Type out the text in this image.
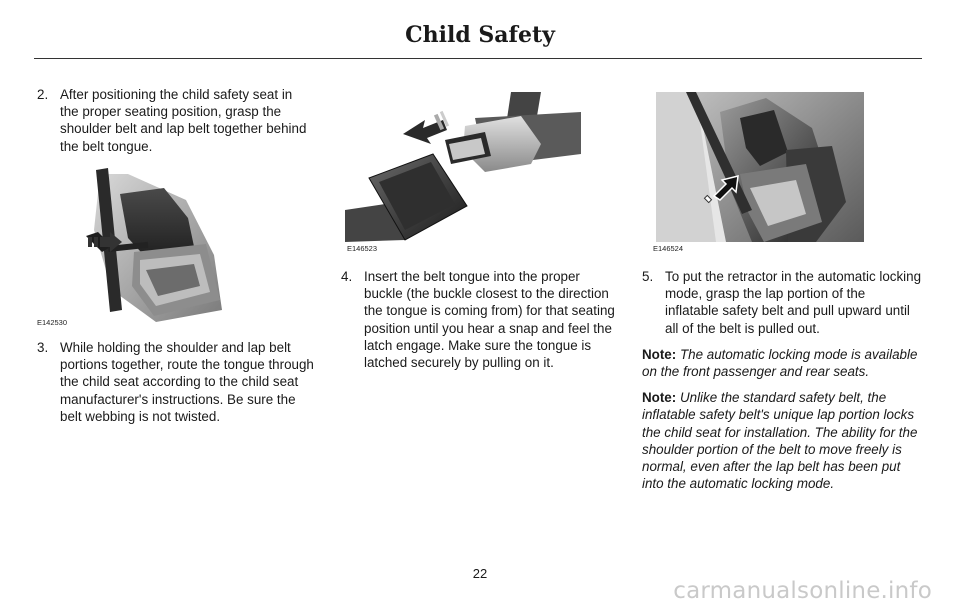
Child Safety
2. After positioning the child safety seat in the proper seating position, grasp the shoulder belt and lap belt together behind the belt tongue.
E142530
3. While holding the shoulder and lap belt portions together, route the tongue through the child seat according to the child seat manufacturer's instructions. Be sure the belt webbing is not twisted.
E146523
4. Insert the belt tongue into the proper buckle (the buckle closest to the direction the tongue is coming from) for that seating position until you hear a snap and feel the latch engage. Make sure the tongue is latched securely by pulling on it.
E146524
5. To put the retractor in the automatic locking mode, grasp the lap portion of the inflatable safety belt and pull upward until all of the belt is pulled out.
Note: The automatic locking mode is available on the front passenger and rear seats.
Note: Unlike the standard safety belt, the inflatable safety belt's unique lap portion locks the child seat for installation. The ability for the shoulder portion of the belt to move freely is normal, even after the lap belt has been put into the automatic locking mode.
22
carmanualsonline.info
